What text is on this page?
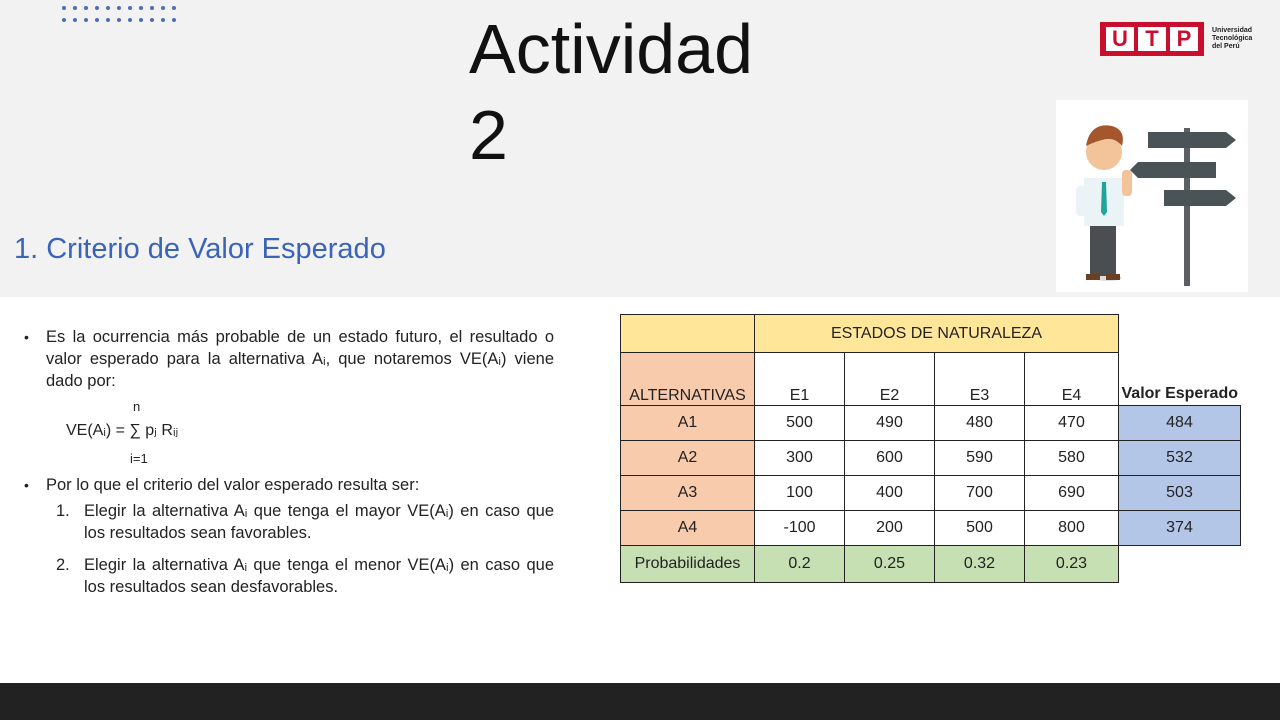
Actividad
2
U T P	Universidad
Tecnológica
del Perú
1. Criterio de Valor Esperado
•	Es la ocurrencia más probable de un estado futuro, el resultado o valor esperado para la alternativa Aᵢ, que notaremos VE(Aᵢ) viene dado por:
n
VE(Aᵢ) = ∑ pⱼ Rᵢⱼ
i=1
•	Por lo que el criterio del valor esperado resulta ser:
1. Elegir la alternativa Aᵢ que tenga el mayor VE(Aᵢ) en caso que los resultados sean favorables.
2. Elegir la alternativa Aᵢ que tenga el menor VE(Aᵢ) en caso que los resultados sean desfavorables.
	ESTADOS DE NATURALEZA				Valor Esperado
ALTERNATIVAS	E1	E2	E3	E4	
A1	500	490	480	470	484
A2	300	600	590	580	532
A3	100	400	700	690	503
A4	-100	200	500	800	374
Probabilidades	0.2	0.25	0.32	0.23	
